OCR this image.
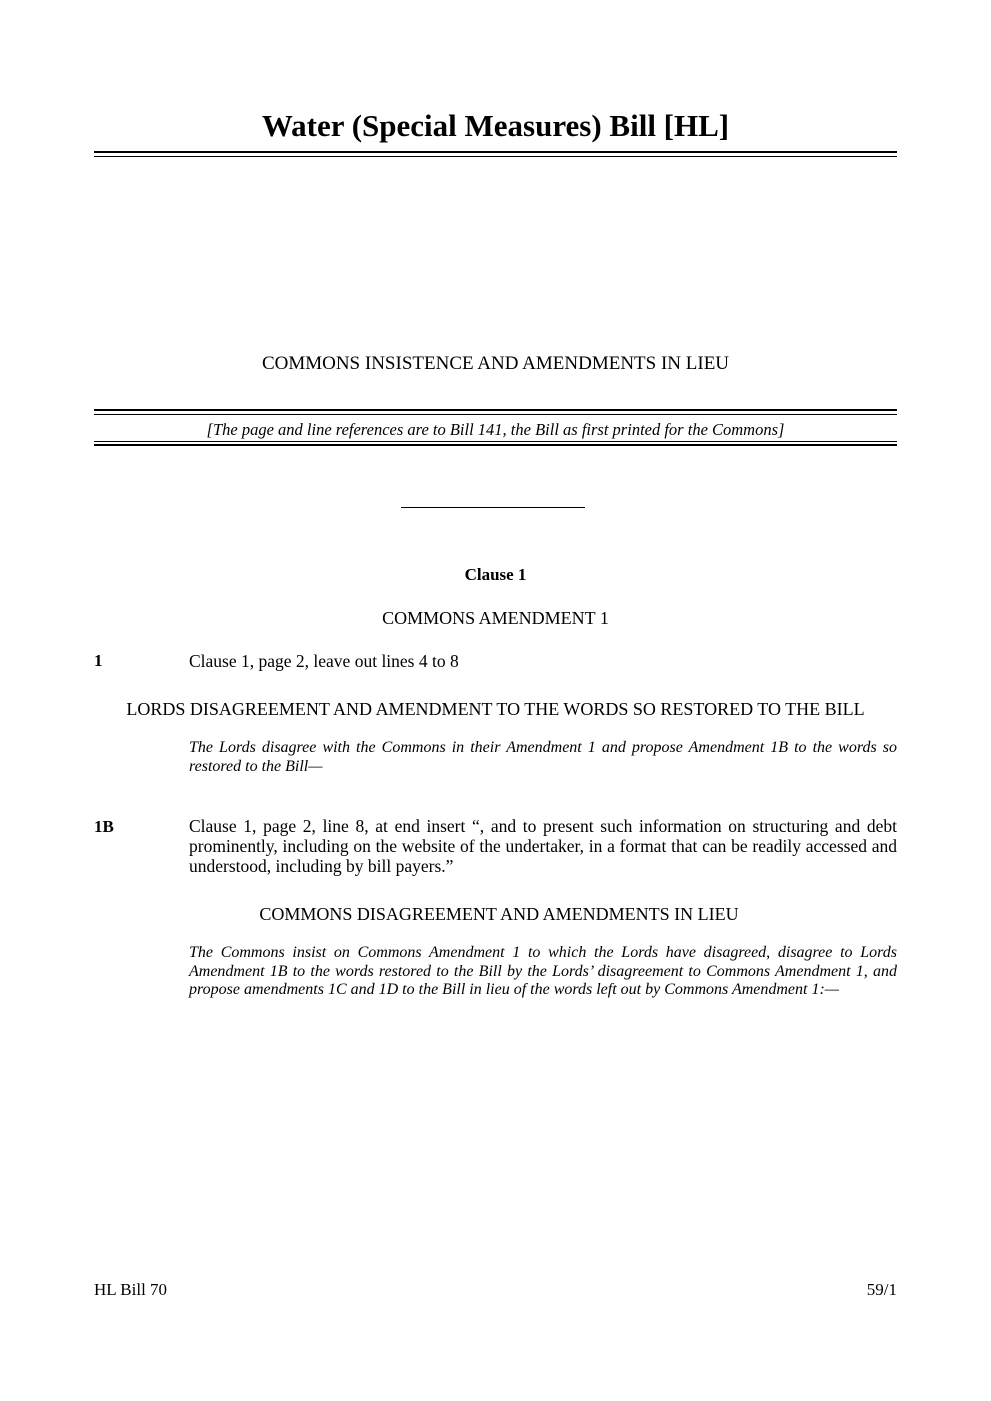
Water (Special Measures) Bill [HL]
COMMONS INSISTENCE AND AMENDMENTS IN LIEU
[The page and line references are to Bill 141, the Bill as first printed for the Commons]
Clause 1
COMMONS AMENDMENT 1
1	Clause 1, page 2, leave out lines 4 to 8
LORDS DISAGREEMENT AND AMENDMENT TO THE WORDS SO RESTORED TO THE BILL
The Lords disagree with the Commons in their Amendment 1 and propose Amendment 1B to the words so restored to the Bill—
1B	Clause 1, page 2, line 8, at end insert “, and to present such information on structuring and debt prominently, including on the website of the undertaker, in a format that can be readily accessed and understood, including by bill payers.”
COMMONS DISAGREEMENT AND AMENDMENTS IN LIEU
The Commons insist on Commons Amendment 1 to which the Lords have disagreed, disagree to Lords Amendment 1B to the words restored to the Bill by the Lords’ disagreement to Commons Amendment 1, and propose amendments 1C and 1D to the Bill in lieu of the words left out by Commons Amendment 1:—
HL Bill 70	59/1
